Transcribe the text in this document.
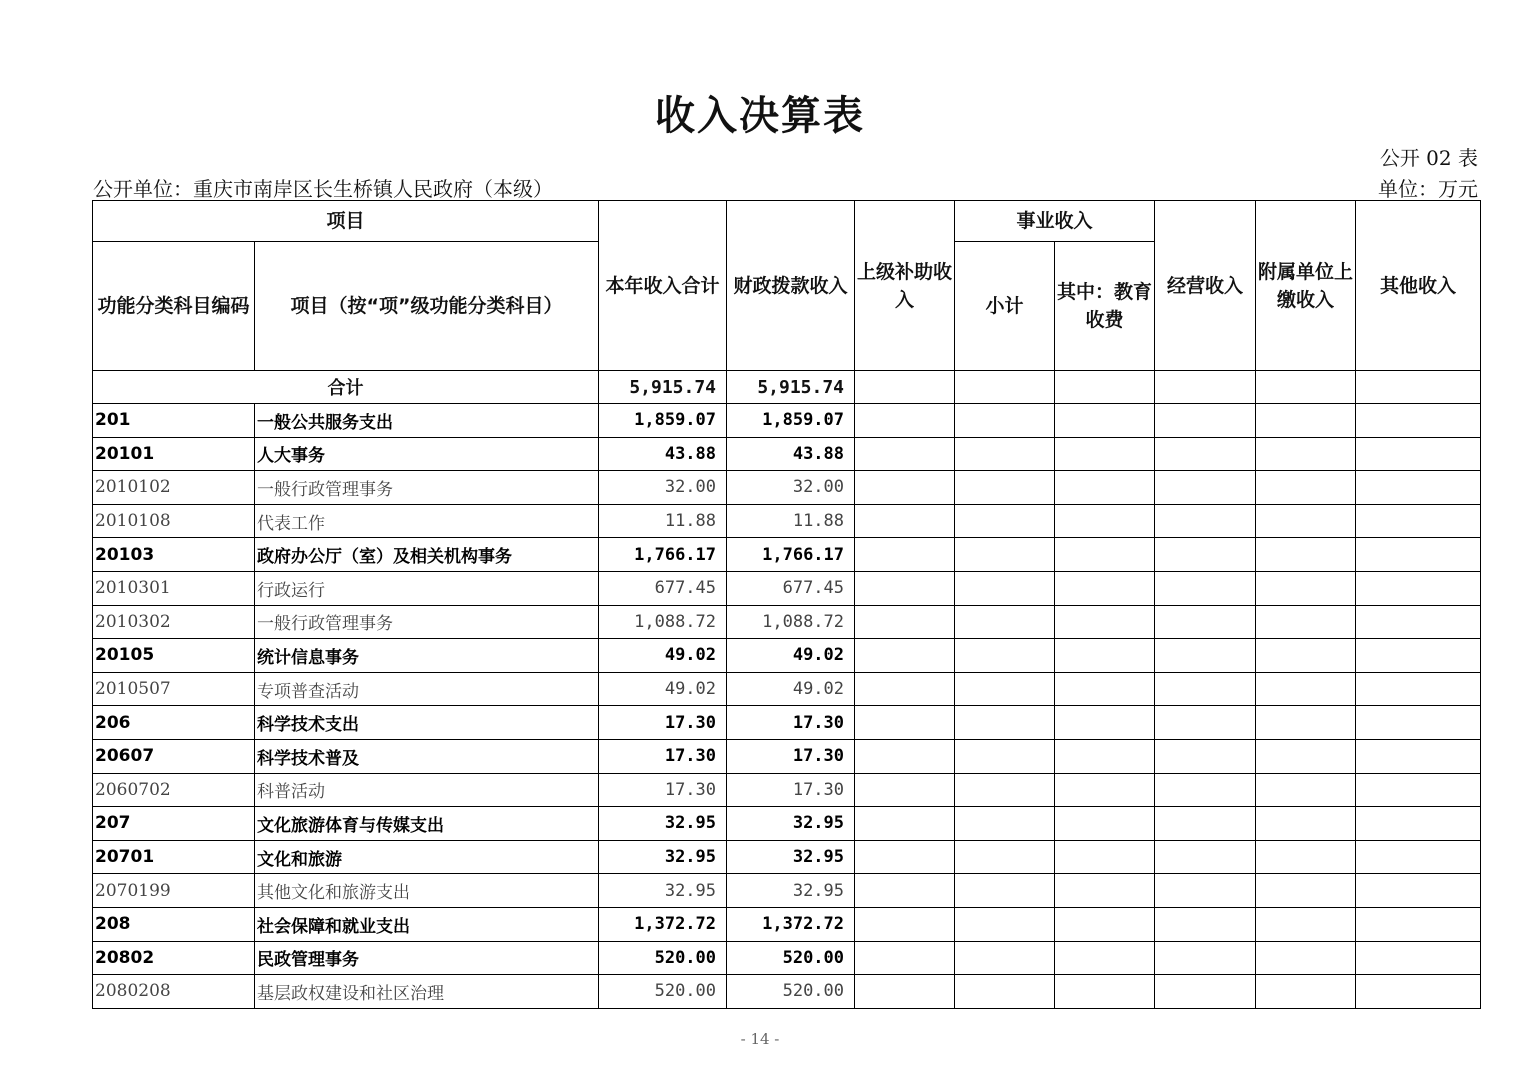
收入决算表
公开 02 表
公开单位：重庆市南岸区长生桥镇人民政府（本级）	单位：万元
项目		本年收入合计	财政拨款收入	上级补助收入	事业收入		经营收入	附属单位上缴收入	其他收入
功能分类科目编码	项目（按“项”级功能分类科目）				小计	其中：教育收费			
合计		5,915.74	5,915.74						
201	一般公共服务支出	1,859.07	1,859.07						
20101	人大事务	43.88	43.88						
2010102	一般行政管理事务	32.00	32.00						
2010108	代表工作	11.88	11.88						
20103	政府办公厅（室）及相关机构事务	1,766.17	1,766.17						
2010301	行政运行	677.45	677.45						
2010302	一般行政管理事务	1,088.72	1,088.72						
20105	统计信息事务	49.02	49.02						
2010507	专项普查活动	49.02	49.02						
206	科学技术支出	17.30	17.30						
20607	科学技术普及	17.30	17.30						
2060702	科普活动	17.30	17.30						
207	文化旅游体育与传媒支出	32.95	32.95						
20701	文化和旅游	32.95	32.95						
2070199	其他文化和旅游支出	32.95	32.95						
208	社会保障和就业支出	1,372.72	1,372.72						
20802	民政管理事务	520.00	520.00						
2080208	基层政权建设和社区治理	520.00	520.00						
- 14 -
